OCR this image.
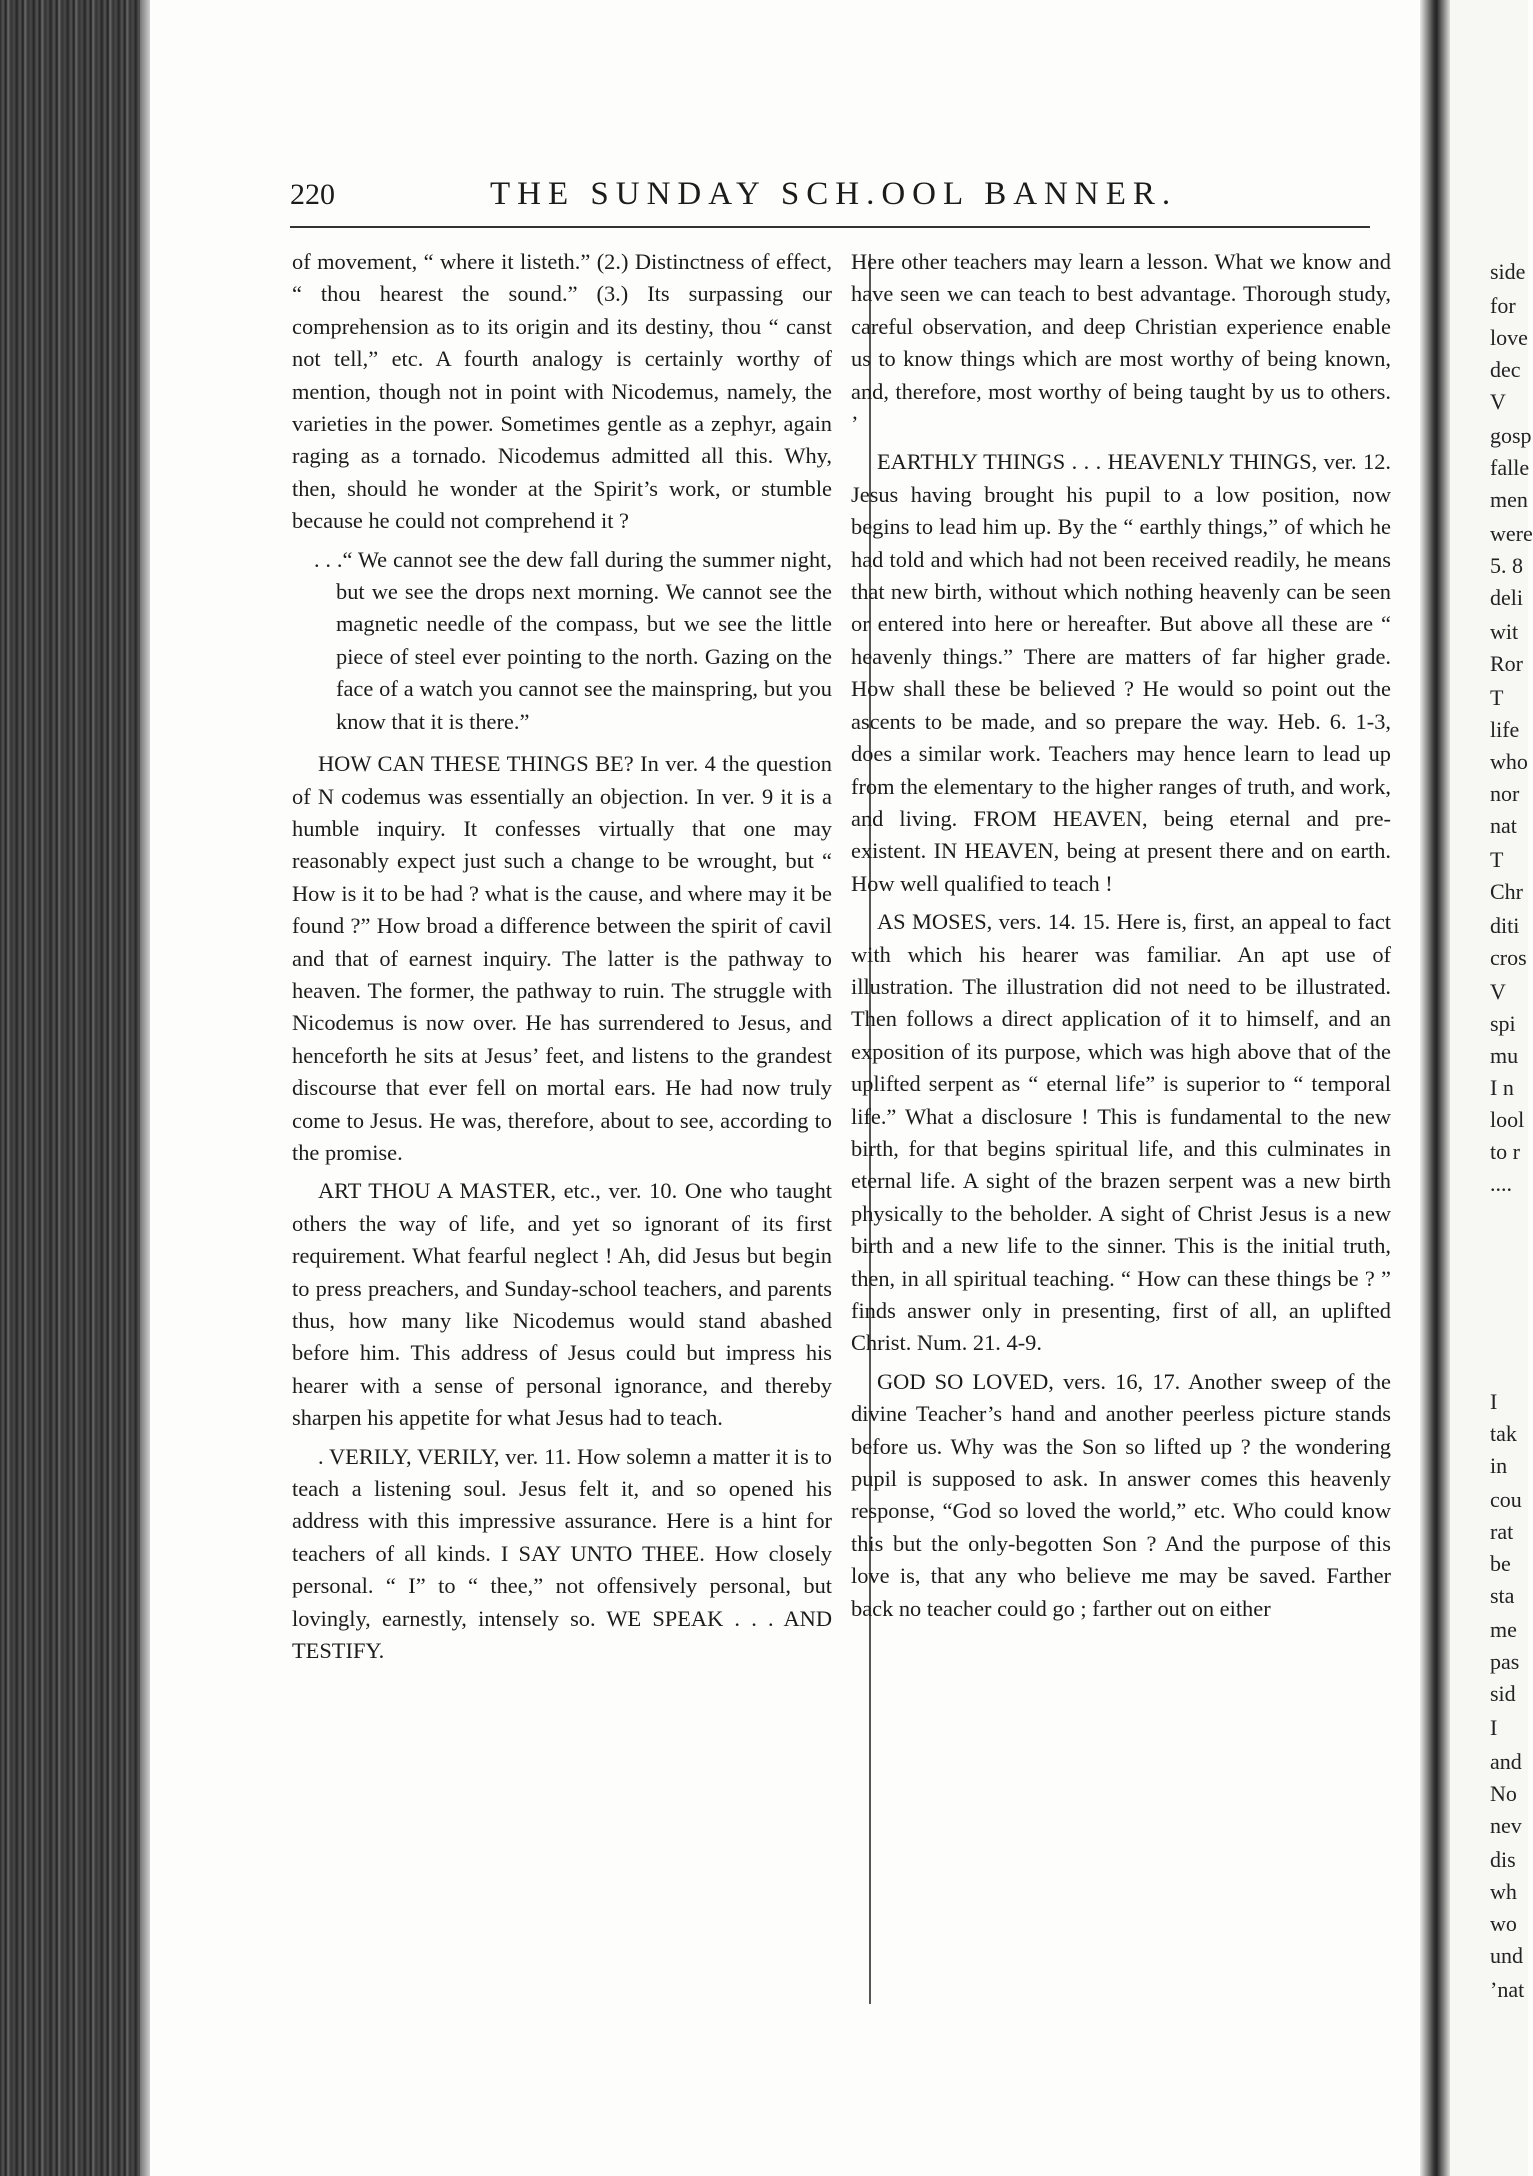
220	THE SUNDAY SCH.OOL BANNER.

of movement, “ where it listeth.” (2.) Distinctness of effect, “ thou hearest the sound.” (3.) Its surpassing our comprehension as to its origin and its destiny, thou “ canst not tell,” etc. A fourth analogy is certainly worthy of mention, though not in point with Nicodemus, namely, the varieties in the power. Sometimes gentle as a zephyr, again raging as a tornado. Nicodemus admitted all this. Why, then, should he wonder at the Spirit’s work, or stumble because he could not comprehend it ?

. . .“ We cannot see the dew fall during the summer night, but we see the drops next morning. We cannot see the magnetic needle of the compass, but we see the little piece of steel ever pointing to the north. Gazing on the face of a watch you cannot see the mainspring, but you know that it is there.”

HOW CAN THESE THINGS BE? In ver. 4 the question of N codemus was essentially an objection. In ver. 9 it is a humble inquiry. It confesses virtually that one may reasonably expect just such a change to be wrought, but “ How is it to be had ? what is the cause, and where may it be found ?” How broad a difference between the spirit of cavil and that of earnest inquiry. The latter is the pathway to heaven. The former, the pathway to ruin. The struggle with Nicodemus is now over. He has surrendered to Jesus, and henceforth he sits at Jesus’ feet, and listens to the grandest discourse that ever fell on mortal ears. He had now truly come to Jesus. He was, therefore, about to see, according to the promise.

ART THOU A MASTER, etc., ver. 10. One who taught others the way of life, and yet so ignorant of its first requirement. What fearful neglect ! Ah, did Jesus but begin to press preachers, and Sunday-school teachers, and parents thus, how many like Nicodemus would stand abashed before him. This address of Jesus could but impress his hearer with a sense of personal ignorance, and thereby sharpen his appetite for what Jesus had to teach.

. VERILY, VERILY, ver. 11. How solemn a matter it is to teach a listening soul. Jesus felt it, and so opened his address with this impressive assurance. Here is a hint for teachers of all kinds. I SAY UNTO THEE. How closely personal. “ I” to “ thee,” not offensively personal, but lovingly, earnestly, intensely so. WE SPEAK . . . AND TESTIFY.

Here other teachers may learn a lesson. What we know and have seen we can teach to best advantage. Thorough study, careful observation, and deep Christian experience enable us to know things which are most worthy of being known, and, therefore, most worthy of being taught by us to others. ’

EARTHLY THINGS . . . HEAVENLY THINGS, ver. 12. Jesus having brought his pupil to a low position, now begins to lead him up. By the “ earthly things,” of which he had told and which had not been received readily, he means that new birth, without which nothing heavenly can be seen or entered into here or hereafter. But above all these are “ heavenly things.” There are matters of far higher grade. How shall these be believed ? He would so point out the ascents to be made, and so prepare the way. Heb. 6. 1-3, does a similar work. Teachers may hence learn to lead up from the elementary to the higher ranges of truth, and work, and living. FROM HEAVEN, being eternal and pre-existent. IN HEAVEN, being at present there and on earth. How well qualified to teach !

AS MOSES, vers. 14. 15. Here is, first, an appeal to fact with which his hearer was familiar. An apt use of illustration. The illustration did not need to be illustrated. Then follows a direct application of it to himself, and an exposition of its purpose, which was high above that of the uplifted serpent as “ eternal life” is superior to “ temporal life.” What a disclosure ! This is fundamental to the new birth, for that begins spiritual life, and this culminates in eternal life. A sight of the brazen serpent was a new birth physically to the beholder. A sight of Christ Jesus is a new birth and a new life to the sinner. This is the initial truth, then, in all spiritual teaching. “ How can these things be ? ” finds answer only in presenting, first of all, an uplifted Christ. Num. 21. 4-9.

GOD SO LOVED, vers. 16, 17. Another sweep of the divine Teacher’s hand and another peerless picture stands before us. Why was the Son so lifted up ? the wondering pupil is supposed to ask. In answer comes this heavenly response, “God so loved the world,” etc. Who could know this but the only-begotten Son ? And the purpose of this love is, that any who believe me may be saved. Farther back no teacher could go ; farther out on either

side
for
love
dec
V
gosp
falle
men
were
5. 8
deli
wit
Ror
T
life
who
nor
nat
T
Chr
diti
cros
V
spi
mu
I n
lool
to r
....
I
tak
in
cou
rat
be
sta
me
pas
sid
I
and
No
nev
dis
wh
wo
und
’nat
